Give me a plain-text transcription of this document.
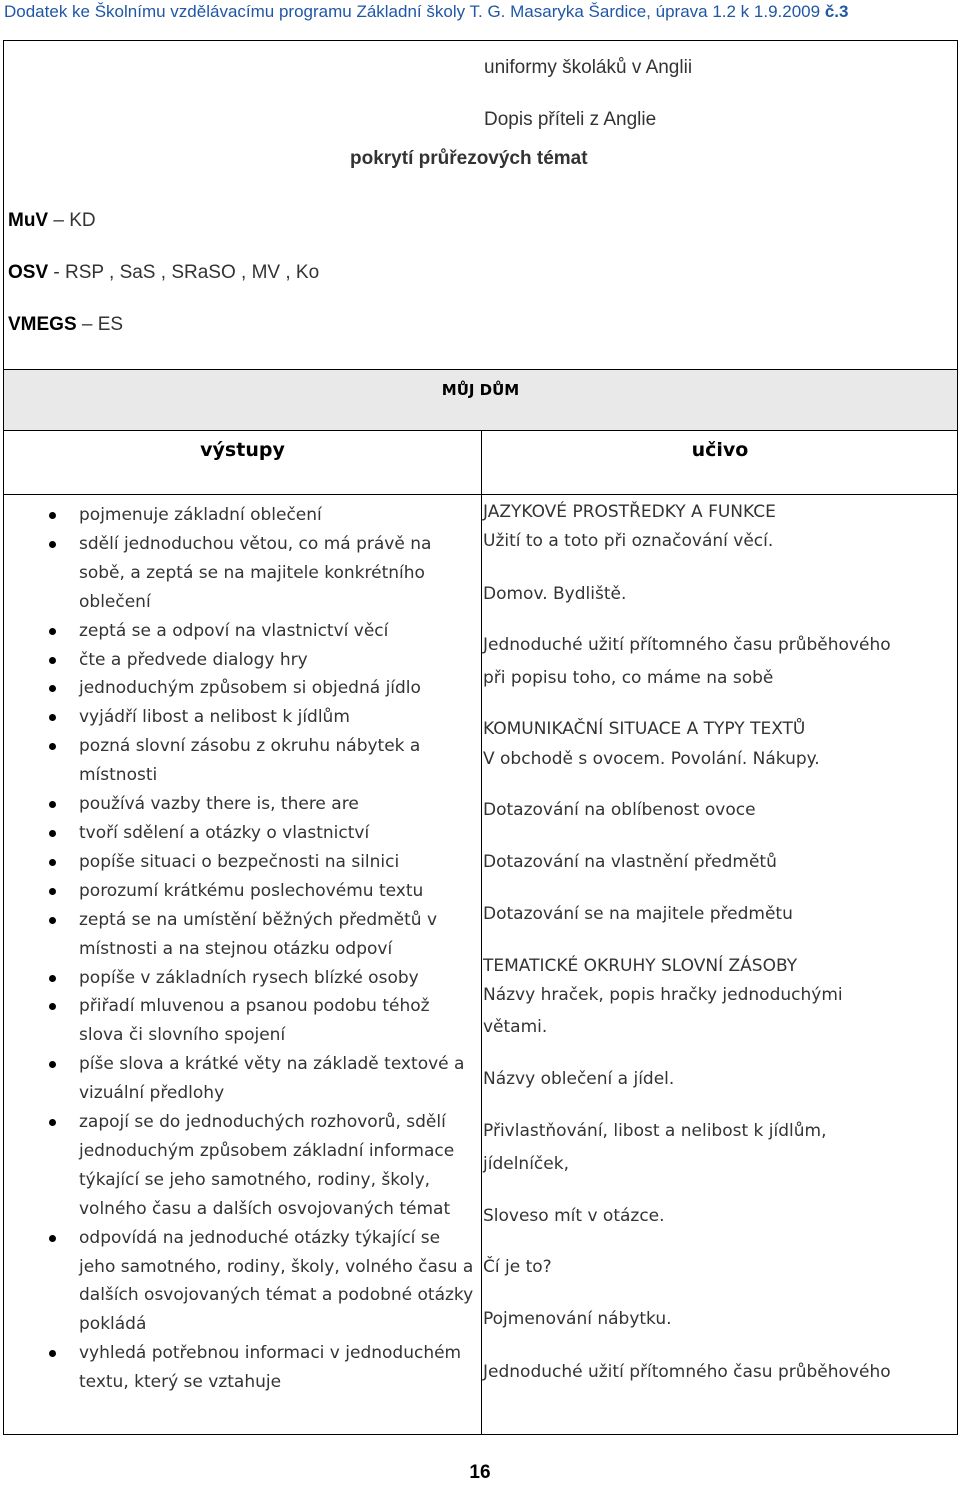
Dodatek ke Školnímu vzdělávacímu programu Základní školy T. G. Masaryka Šardice, úprava 1.2 k 1.9.2009 č.3
uniformy školáků v Anglii
Dopis příteli z Anglie
pokrytí průřezových témat
MuV – KD
OSV - RSP , SaS , SRaSO , MV , Ko
VMEGS – ES
MŮJ DŮM
výstupy	učivo
pojmenuje základní oblečení
sdělí jednoduchou větou, co má právě na sobě, a zeptá se na majitele konkrétního oblečení
zeptá se a odpoví na vlastnictví věcí
čte a předvede dialogy hry
jednoduchým způsobem si objedná jídlo
vyjádří libost a nelibost k jídlům
pozná slovní zásobu z okruhu nábytek a místnosti
používá vazby there is, there are
tvoří sdělení a otázky o vlastnictví
popíše situaci o bezpečnosti na silnici
porozumí krátkému poslechovému textu
zeptá se na umístění běžných předmětů v místnosti a na stejnou otázku odpoví
popíše v základních rysech blízké osoby
přiřadí mluvenou a psanou podobu téhož slova či slovního spojení
píše slova a krátké věty na základě textové a vizuální předlohy
zapojí se do jednoduchých rozhovorů, sdělí jednoduchým způsobem základní informace týkající se jeho samotného, rodiny, školy, volného času a dalších osvojovaných témat
odpovídá na jednoduché otázky týkající se jeho samotného, rodiny, školy, volného času a dalších osvojovaných témat a podobné otázky pokládá
vyhledá potřebnou informaci v jednoduchém textu, který se vztahuje
JAZYKOVÉ PROSTŘEDKY A FUNKCE
Užití to a toto při označování věcí.
Domov. Bydliště.
Jednoduché užití přítomného času průběhového
při popisu toho, co máme na sobě
KOMUNIKAČNÍ SITUACE A TYPY TEXTŮ
V obchodě s ovocem. Povolání. Nákupy.
Dotazování na oblíbenost ovoce
Dotazování na vlastnění předmětů
Dotazování se na majitele předmětu
TEMATICKÉ OKRUHY SLOVNÍ ZÁSOBY
Názvy hraček, popis hračky jednoduchými
větami.
Názvy oblečení a jídel.
Přivlastňování, libost a nelibost k jídlům,
jídelníček,
Sloveso mít v otázce.
Čí je to?
Pojmenování nábytku.
Jednoduché užití přítomného času průběhového
16
